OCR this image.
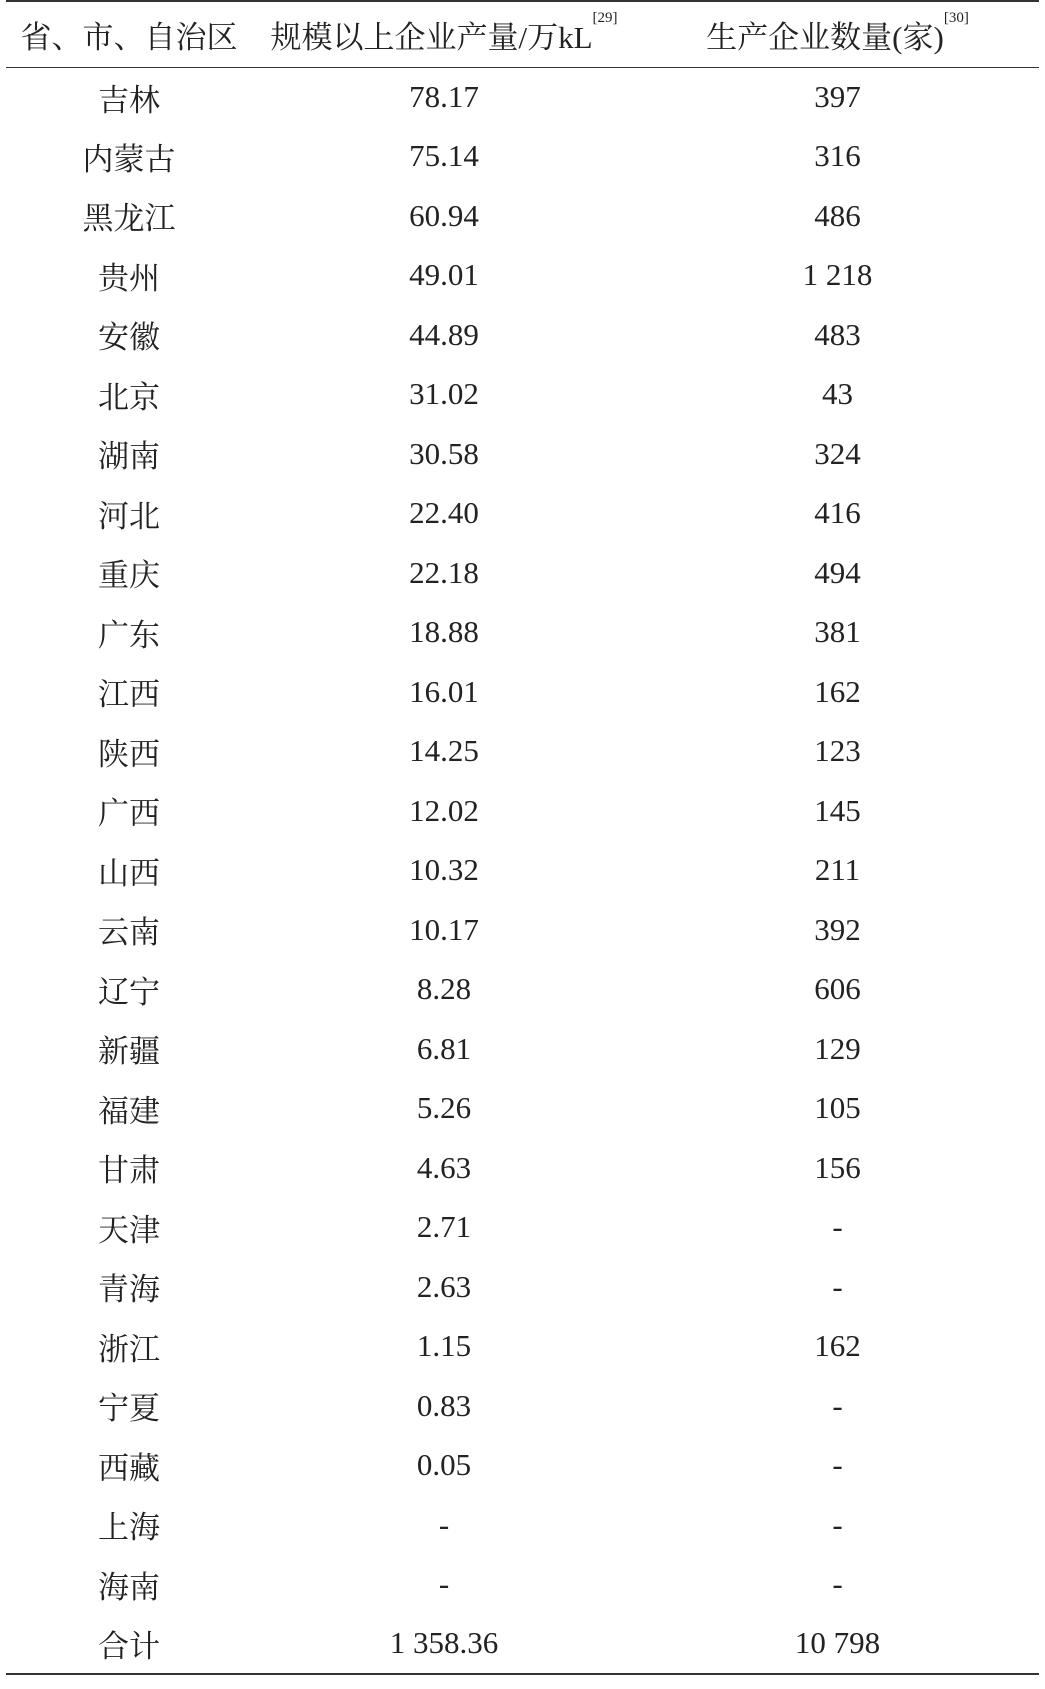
省、市、自治区	规模以上企业产量/万kL[29]	生产企业数量(家)[30]
吉林	78.17	397
内蒙古	75.14	316
黑龙江	60.94	486
贵州	49.01	1 218
安徽	44.89	483
北京	31.02	43
湖南	30.58	324
河北	22.40	416
重庆	22.18	494
广东	18.88	381
江西	16.01	162
陕西	14.25	123
广西	12.02	145
山西	10.32	211
云南	10.17	392
辽宁	8.28	606
新疆	6.81	129
福建	5.26	105
甘肃	4.63	156
天津	2.71	-
青海	2.63	-
浙江	1.15	162
宁夏	0.83	-
西藏	0.05	-
上海	-	-
海南	-	-
合计	1 358.36	10 798
